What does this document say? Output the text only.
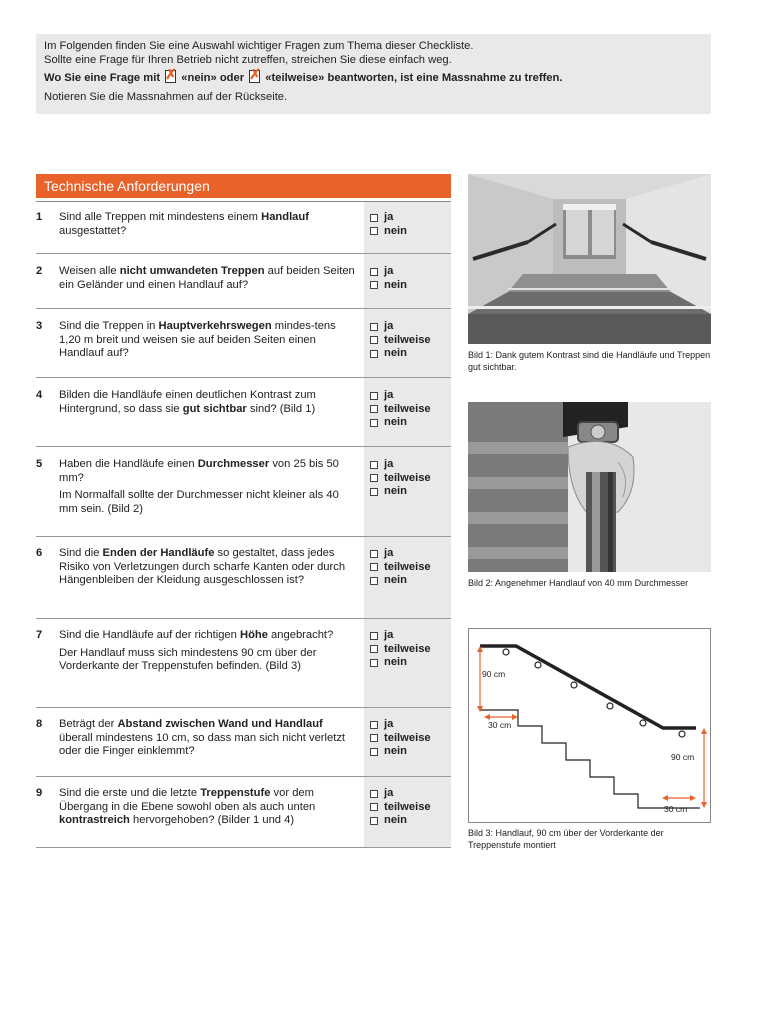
Im Folgenden finden Sie eine Auswahl wichtiger Fragen zum Thema dieser Checkliste.

Sollte eine Frage für Ihren Betrieb nicht zutreffen, streichen Sie diese einfach weg.

Wo Sie eine Frage mit ✗ «nein» oder ✗ «teilweise» beantworten, ist eine Massnahme zu treffen.

Notieren Sie die Massnahmen auf der Rückseite.

Technische Anforderungen
1 Sind alle Treppen mit mindestens einem Handlauf ausgestattet?

ja
nein
2 Weisen alle nicht umwandeten Treppen auf beiden Seiten ein Geländer und einen Handlauf auf?

ja
nein
3 Sind die Treppen in Hauptverkehrswegen mindes-tens 1,20 m breit und weisen sie auf beiden Seiten einen Handlauf auf?

ja
teilweise
nein
4 Bilden die Handläufe einen deutlichen Kontrast zum Hintergrund, so dass sie gut sichtbar sind? (Bild 1)

ja
teilweise
nein
5 Haben die Handläufe einen Durchmesser von 25 bis 50 mm?

Im Normalfall sollte der Durchmesser nicht kleiner als 40 mm sein. (Bild 2)

ja
teilweise
nein
6 Sind die Enden der Handläufe so gestaltet, dass jedes Risiko von Verletzungen durch scharfe Kanten oder durch Hängenbleiben der Kleidung ausgeschlossen ist?

ja
teilweise
nein
7 Sind die Handläufe auf der richtigen Höhe angebracht?

Der Handlauf muss sich mindestens 90 cm über der Vorderkante der Treppenstufen befinden. (Bild 3)

ja
teilweise
nein
8 Beträgt der Abstand zwischen Wand und Handlauf überall mindestens 10 cm, so dass man sich nicht verletzt oder die Finger einklemmt?

ja
teilweise
nein
9 Sind die erste und die letzte Treppenstufe vor dem Übergang in die Ebene sowohl oben als auch unten kontrastreich hervorgehoben? (Bilder 1 und 4)

ja
teilweise
nein
Bild 1: Dank gutem Kontrast sind die Handläufe und Treppen gut sichtbar.
Bild 2: Angenehmer Handlauf von 40 mm Durchmesser
90 cm
30 cm
90 cm
30 cm
Bild 3: Handlauf, 90 cm über der Vorderkante der Treppenstufe montiert
